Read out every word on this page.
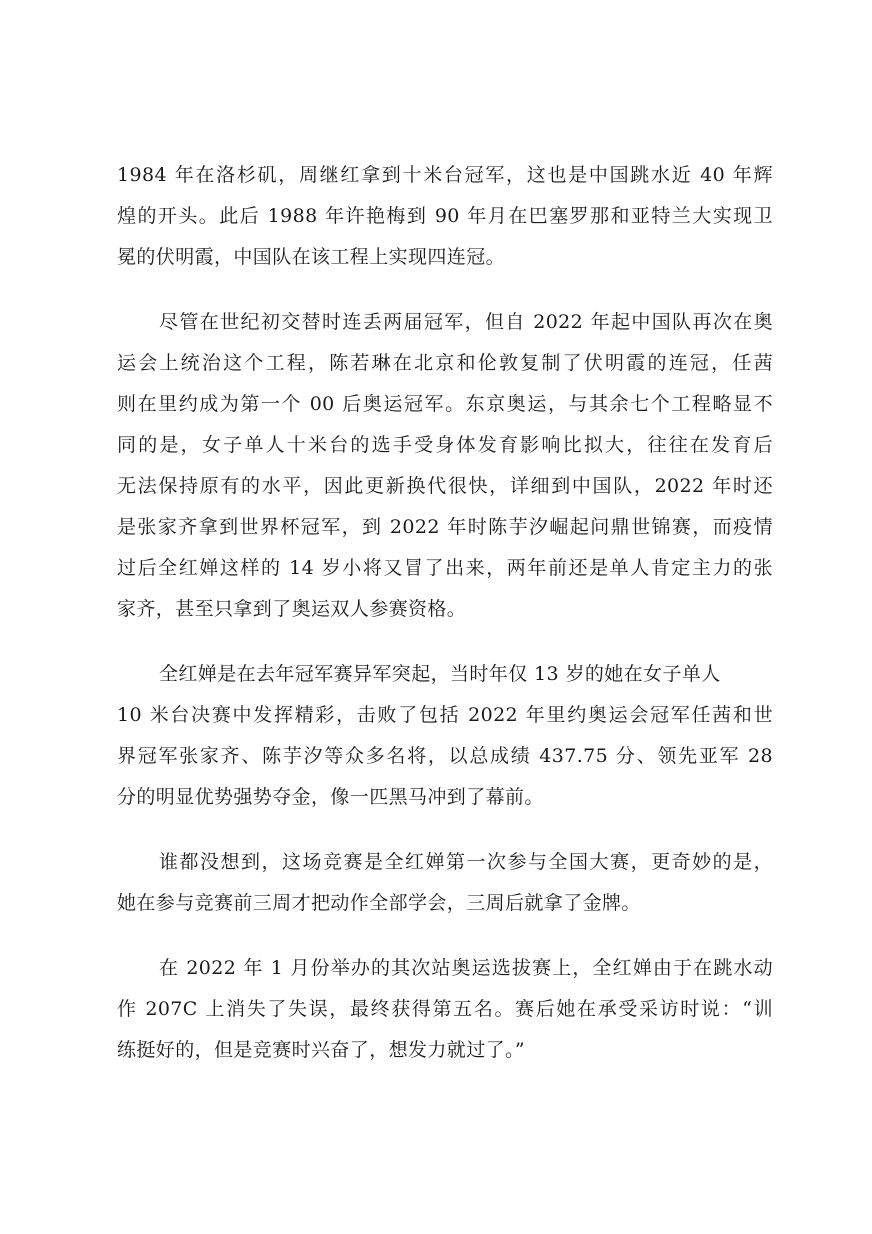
1984 年在洛杉矶，周继红拿到十米台冠军，这也是中国跳水近 40 年辉
煌的开头。此后 1988 年许艳梅到 90 年月在巴塞罗那和亚特兰大实现卫
冕的伏明霞，中国队在该工程上实现四连冠。

尽管在世纪初交替时连丢两届冠军，但自 2022 年起中国队再次在奥
运会上统治这个工程，陈若琳在北京和伦敦复制了伏明霞的连冠，任茜
则在里约成为第一个 00 后奥运冠军。东京奥运，与其余七个工程略显不
同的是，女子单人十米台的选手受身体发育影响比拟大，往往在发育后
无法保持原有的水平，因此更新换代很快，详细到中国队，2022 年时还
是张家齐拿到世界杯冠军，到 2022 年时陈芋汐崛起问鼎世锦赛，而疫情
过后全红婵这样的 14 岁小将又冒了出来，两年前还是单人肯定主力的张
家齐，甚至只拿到了奥运双人参赛资格。

全红婵是在去年冠军赛异军突起，当时年仅 13 岁的她在女子单人
10 米台决赛中发挥精彩，击败了包括 2022 年里约奥运会冠军任茜和世
界冠军张家齐、陈芋汐等众多名将，以总成绩 437.75 分、领先亚军 28
分的明显优势强势夺金，像一匹黑马冲到了幕前。

谁都没想到，这场竞赛是全红婵第一次参与全国大赛，更奇妙的是，
她在参与竞赛前三周才把动作全部学会，三周后就拿了金牌。

在 2022 年 1 月份举办的其次站奥运选拔赛上，全红婵由于在跳水动
作 207C 上消失了失误，最终获得第五名。赛后她在承受采访时说：“训
练挺好的，但是竞赛时兴奋了，想发力就过了。”
